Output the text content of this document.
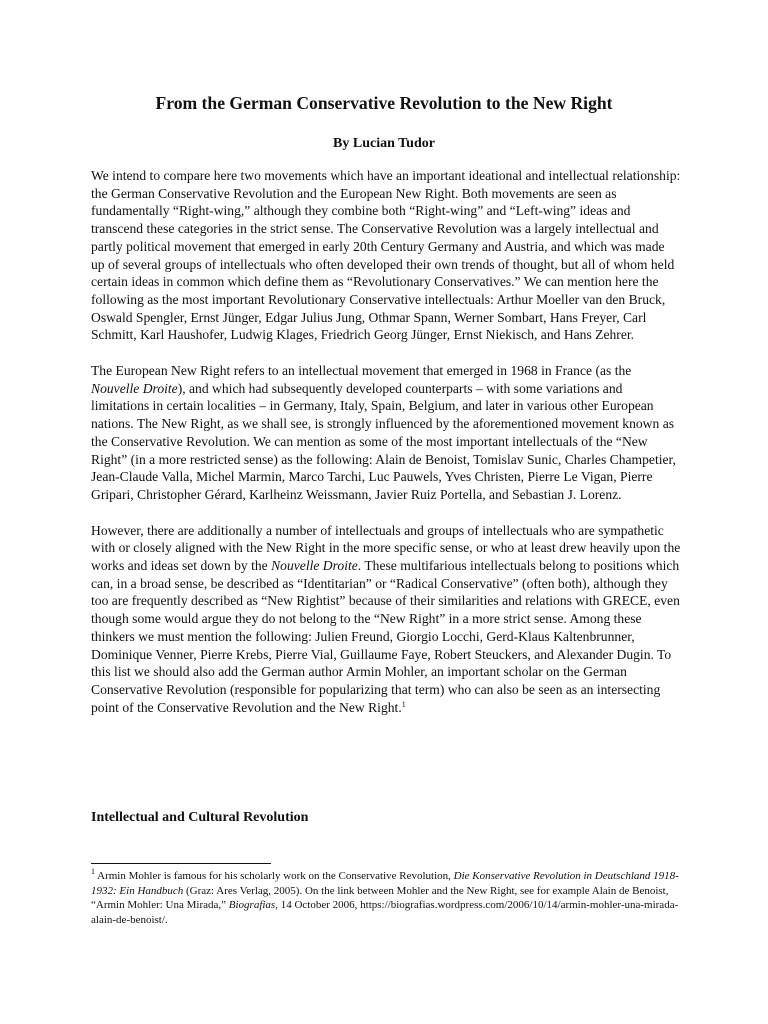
From the German Conservative Revolution to the New Right
By Lucian Tudor

We intend to compare here two movements which have an important ideational and intellectual relationship: the German Conservative Revolution and the European New Right. Both movements are seen as fundamentally “Right-wing,” although they combine both “Right-wing” and “Left-wing” ideas and transcend these categories in the strict sense. The Conservative Revolution was a largely intellectual and partly political movement that emerged in early 20th Century Germany and Austria, and which was made up of several groups of intellectuals who often developed their own trends of thought, but all of whom held certain ideas in common which define them as “Revolutionary Conservatives.” We can mention here the following as the most important Revolutionary Conservative intellectuals: Arthur Moeller van den Bruck, Oswald Spengler, Ernst Jünger, Edgar Julius Jung, Othmar Spann, Werner Sombart, Hans Freyer, Carl Schmitt, Karl Haushofer, Ludwig Klages, Friedrich Georg Jünger, Ernst Niekisch, and Hans Zehrer.

The European New Right refers to an intellectual movement that emerged in 1968 in France (as the Nouvelle Droite), and which had subsequently developed counterparts – with some variations and limitations in certain localities – in Germany, Italy, Spain, Belgium, and later in various other European nations. The New Right, as we shall see, is strongly influenced by the aforementioned movement known as the Conservative Revolution. We can mention as some of the most important intellectuals of the “New Right” (in a more restricted sense) as the following: Alain de Benoist, Tomislav Sunic, Charles Champetier, Jean-Claude Valla, Michel Marmin, Marco Tarchi, Luc Pauwels, Yves Christen, Pierre Le Vigan, Pierre Gripari, Christopher Gérard, Karlheinz Weissmann, Javier Ruiz Portella, and Sebastian J. Lorenz.

However, there are additionally a number of intellectuals and groups of intellectuals who are sympathetic with or closely aligned with the New Right in the more specific sense, or who at least drew heavily upon the works and ideas set down by the Nouvelle Droite. These multifarious intellectuals belong to positions which can, in a broad sense, be described as “Identitarian” or “Radical Conservative” (often both), although they too are frequently described as “New Rightist” because of their similarities and relations with GRECE, even though some would argue they do not belong to the “New Right” in a more strict sense. Among these thinkers we must mention the following: Julien Freund, Giorgio Locchi, Gerd-Klaus Kaltenbrunner, Dominique Venner, Pierre Krebs, Pierre Vial, Guillaume Faye, Robert Steuckers, and Alexander Dugin. To this list we should also add the German author Armin Mohler, an important scholar on the German Conservative Revolution (responsible for popularizing that term) who can also be seen as an intersecting point of the Conservative Revolution and the New Right.$^1$

Intellectual and Cultural Revolution
$^1$ Armin Mohler is famous for his scholarly work on the Conservative Revolution, Die Konservative Revolution in Deutschland 1918-1932: Ein Handbuch (Graz: Ares Verlag, 2005). On the link between Mohler and the New Right, see for example Alain de Benoist, “Armin Mohler: Una Mirada,” Biografias, 14 October 2006, https://biografias.wordpress.com/2006/10/14/armin-mohler-una-mirada-alain-de-benoist/.
